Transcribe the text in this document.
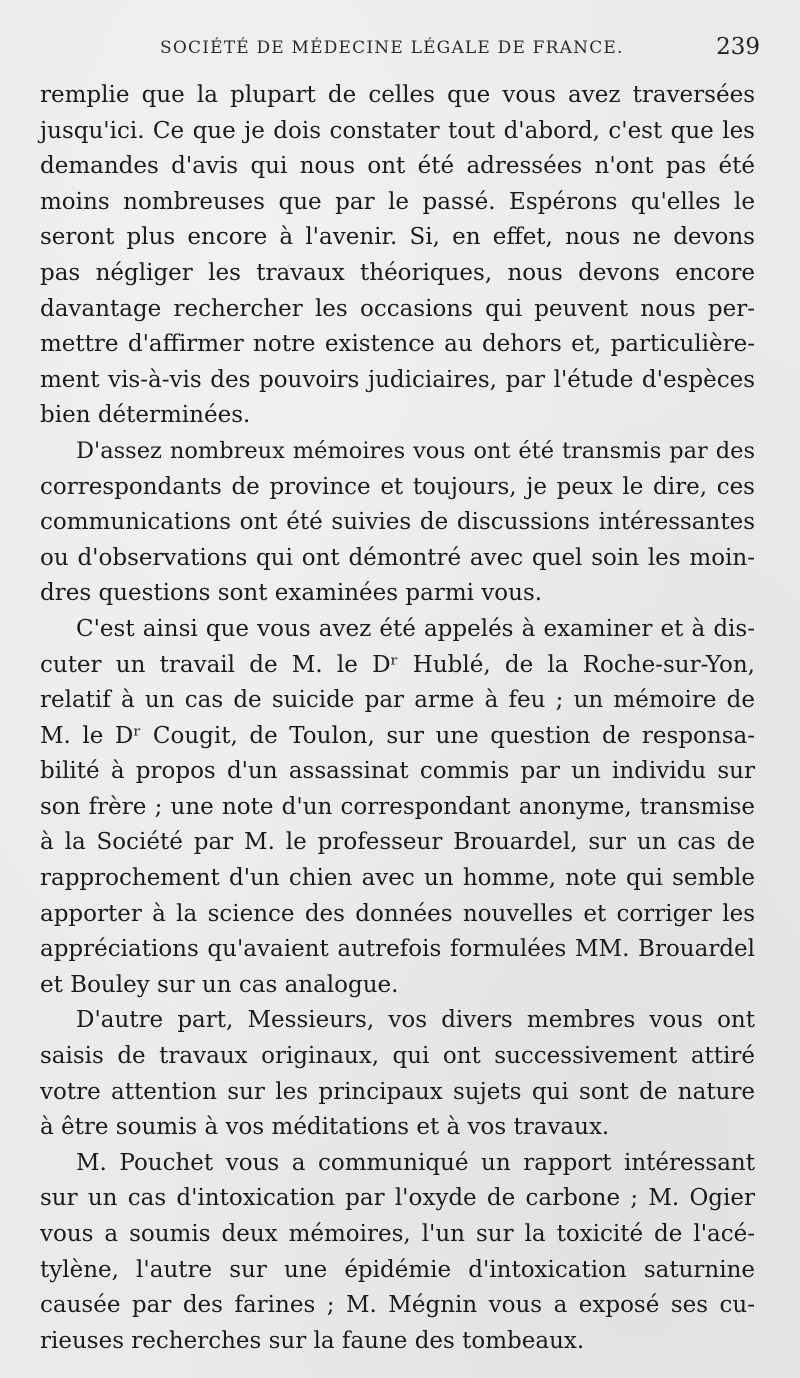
SOCIÉTÉ DE MÉDECINE LÉGALE DE FRANCE.	239
remplie que la plupart de celles que vous avez traversées
jusqu'ici. Ce que je dois constater tout d'abord, c'est que les
demandes d'avis qui nous ont été adressées n'ont pas été
moins nombreuses que par le passé. Espérons qu'elles le
seront plus encore à l'avenir. Si, en effet, nous ne devons
pas négliger les travaux théoriques, nous devons encore
davantage rechercher les occasions qui peuvent nous per-
mettre d'affirmer notre existence au dehors et, particulière-
ment vis-à-vis des pouvoirs judiciaires, par l'étude d'espèces
bien déterminées.
D'assez nombreux mémoires vous ont été transmis par des
correspondants de province et toujours, je peux le dire, ces
communications ont été suivies de discussions intéressantes
ou d'observations qui ont démontré avec quel soin les moin-
dres questions sont examinées parmi vous.
C'est ainsi que vous avez été appelés à examiner et à dis-
cuter un travail de M. le Dʳ Hublé, de la Roche-sur-Yon,
relatif à un cas de suicide par arme à feu ; un mémoire de
M. le Dʳ Cougit, de Toulon, sur une question de responsa-
bilité à propos d'un assassinat commis par un individu sur
son frère ; une note d'un correspondant anonyme, transmise
à la Société par M. le professeur Brouardel, sur un cas de
rapprochement d'un chien avec un homme, note qui semble
apporter à la science des données nouvelles et corriger les
appréciations qu'avaient autrefois formulées MM. Brouardel
et Bouley sur un cas analogue.
D'autre part, Messieurs, vos divers membres vous ont
saisis de travaux originaux, qui ont successivement attiré
votre attention sur les principaux sujets qui sont de nature
à être soumis à vos méditations et à vos travaux.
M. Pouchet vous a communiqué un rapport intéressant
sur un cas d'intoxication par l'oxyde de carbone ; M. Ogier
vous a soumis deux mémoires, l'un sur la toxicité de l'acé-
tylène, l'autre sur une épidémie d'intoxication saturnine
causée par des farines ; M. Mégnin vous a exposé ses cu-
rieuses recherches sur la faune des tombeaux.
